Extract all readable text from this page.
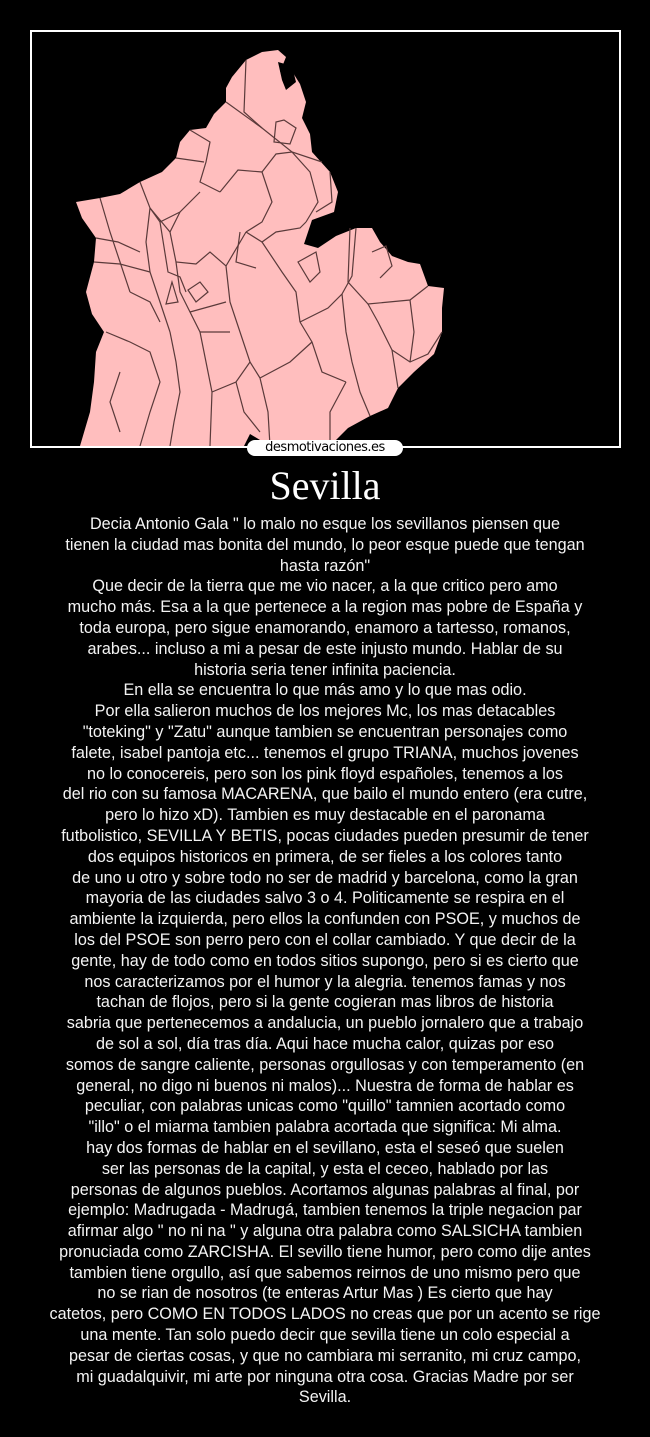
desmotivaciones.es
Sevilla
Decia Antonio Gala " lo malo no esque los sevillanos piensen que
tienen la ciudad mas bonita del mundo, lo peor esque puede que tengan
hasta razón"
Que decir de la tierra que me vio nacer, a la que critico pero amo
mucho más. Esa a la que pertenece a la region mas pobre de España y
toda europa, pero sigue enamorando, enamoro a tartesso, romanos,
arabes... incluso a mi a pesar de este injusto mundo. Hablar de su
historia seria tener infinita paciencia.
En ella se encuentra lo que más amo y lo que mas odio.
Por ella salieron muchos de los mejores Mc, los mas detacables
"toteking" y "Zatu" aunque tambien se encuentran personajes como
falete, isabel pantoja etc... tenemos el grupo TRIANA, muchos jovenes
no lo conocereis, pero son los pink floyd españoles, tenemos a los
del rio con su famosa MACARENA, que bailo el mundo entero (era cutre,
pero lo hizo xD). Tambien es muy destacable en el paronama
futbolistico, SEVILLA Y BETIS, pocas ciudades pueden presumir de tener
dos equipos historicos en primera, de ser fieles a los colores tanto
de uno u otro y sobre todo no ser de madrid y barcelona, como la gran
mayoria de las ciudades salvo 3 o 4. Politicamente se respira en el
ambiente la izquierda, pero ellos la confunden con PSOE, y muchos de
los del PSOE son perro pero con el collar cambiado. Y que decir de la
gente, hay de todo como en todos sitios supongo, pero si es cierto que
nos caracterizamos por el humor y la alegria. tenemos famas y nos
tachan de flojos, pero si la gente cogieran mas libros de historia
sabria que pertenecemos a andalucia, un pueblo jornalero que a trabajo
de sol a sol, día tras día. Aqui hace mucha calor, quizas por eso
somos de sangre caliente, personas orgullosas y con temperamento (en
general, no digo ni buenos ni malos)... Nuestra de forma de hablar es
peculiar, con palabras unicas como "quillo" tamnien acortado como
"illo" o el miarma tambien palabra acortada que significa: Mi alma.
hay dos formas de hablar en el sevillano, esta el seseó que suelen
ser las personas de la capital, y esta el ceceo, hablado por las
personas de algunos pueblos. Acortamos algunas palabras al final, por
ejemplo: Madrugada - Madrugá, tambien tenemos la triple negacion par
afirmar algo " no ni na " y alguna otra palabra como SALSICHA tambien
pronuciada como ZARCISHA. El sevillo tiene humor, pero como dije antes
tambien tiene orgullo, así que sabemos reirnos de uno mismo pero que
no se rian de nosotros (te enteras Artur Mas ) Es cierto que hay
catetos, pero COMO EN TODOS LADOS no creas que por un acento se rige
una mente. Tan solo puedo decir que sevilla tiene un colo especial a
pesar de ciertas cosas, y que no cambiara mi serranito, mi cruz campo,
mi guadalquivir, mi arte por ninguna otra cosa. Gracias Madre por ser
Sevilla.
